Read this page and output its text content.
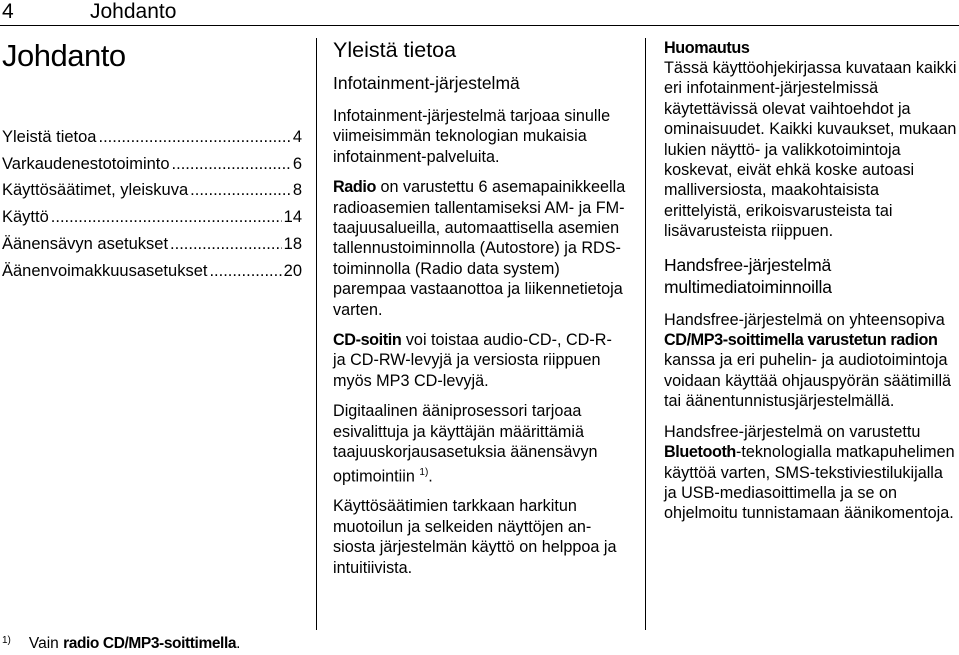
4	Johdanto
Johdanto
Yleistä tietoa .....	4
Varkaudenestotoiminto .....	6
Käyttösäätimet, yleiskuva .....	8
Käyttö .....	14
Äänensävyn asetukset .....	18
Äänenvoimakkuusasetukset .....	20
Yleistä tietoa
Infotainment-järjestelmä

Infotainment-järjestelmä tarjoaa sinulle viimeisimmän teknologian mukaisia infotainment-palveluita.

Radio on varustettu 6 asemapainikkeella radioasemien tallentamiseksi AM- ja FM-taajuusalueilla, automaattisella asemien tallennustoiminnolla (Autostore) ja RDS-toiminnolla (Radio data system) parempaa vastaanottoa ja liikennetietoja varten.

CD-soitin voi toistaa audio-CD-, CD-R- ja CD-RW-levyjä ja versiosta riippuen myös MP3 CD-levyjä.

Digitaalinen ääniprosessori tarjoaa esivalittuja ja käyttäjän määrittämiä taajuuskorjausasetuksia äänensävyn optimointiin $^{1)}$.

Käyttösäätimien tarkkaan harkitun muotoilun ja selkeiden näyttöjen ansiosta järjestelmän käyttö on helppoa ja intuitiivista.

Huomautus

Tässä käyttöohjekirjassa kuvataan kaikki eri infotainment-järjestelmissä käytettävissä olevat vaihtoehdot ja ominaisuudet. Kaikki kuvaukset, mukaan lukien näyttö- ja valikkotoimintoja koskevat, eivät ehkä koske autoasi malliversiosta, maakohtaisista erittelyistä, erikoisvarusteista tai lisävarusteista riippuen.

Handsfree-järjestelmä multimediatoiminnoilla

Handsfree-järjestelmä on yhteensopiva CD/MP3-soittimella varustetun radion kanssa ja eri puhelin- ja audiotoimintoja voidaan käyttää ohjauspyörän säätimillä tai äänentunnistusjärjestelmällä.

Handsfree-järjestelmä on varustettu Bluetooth-teknologialla matkapuhelimen käyttöä varten, SMS-tekstiviestilukijalla ja USB-mediasoittimella ja se on ohjelmoitu tunnistamaan äänikomentoja.

$^{1)}$ Vain radio CD/MP3-soittimella.
